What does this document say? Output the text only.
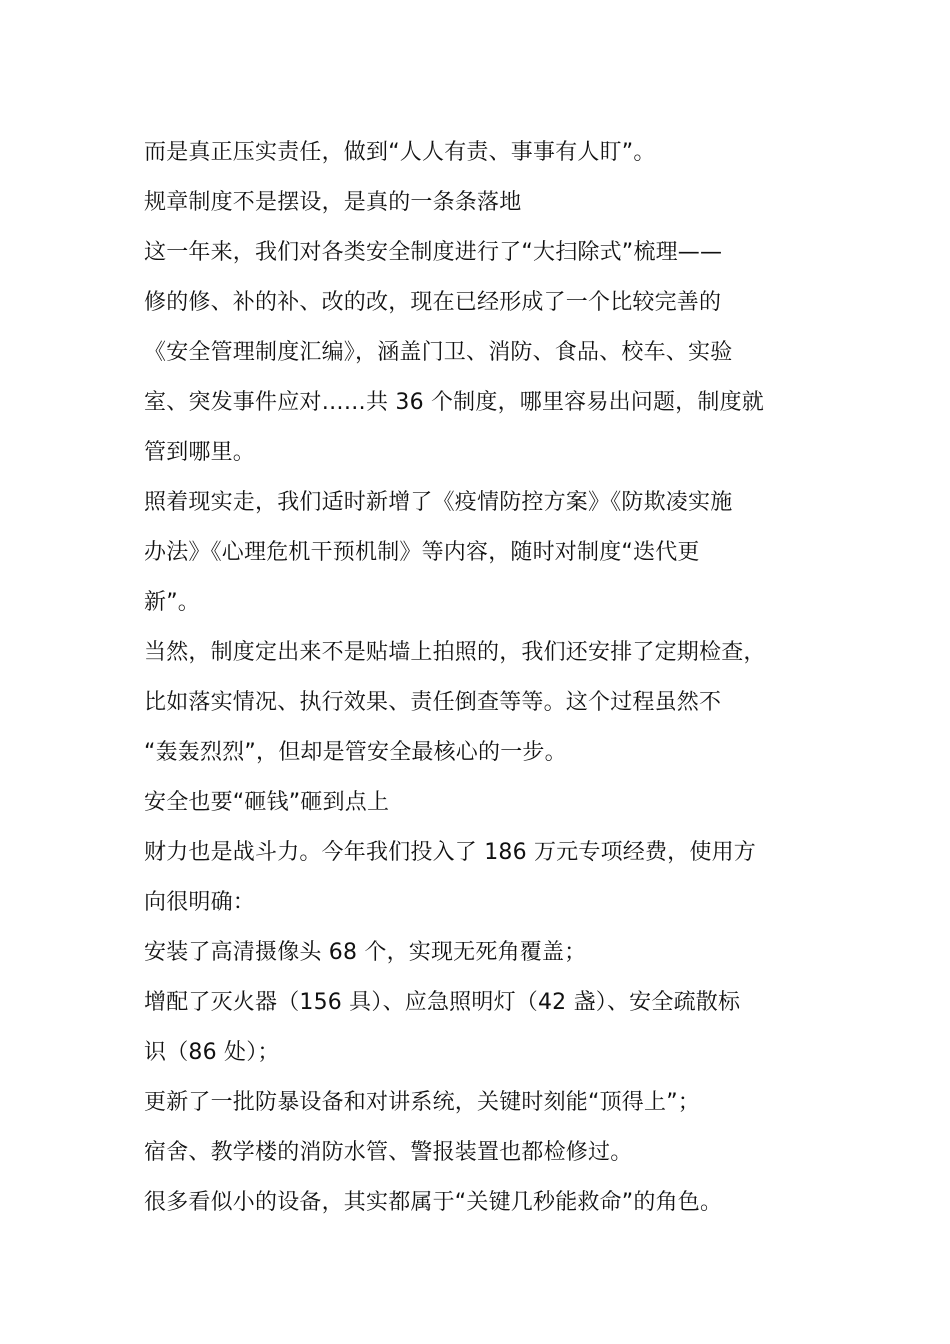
而是真正压实责任，做到“人人有责、事事有人盯”。
规章制度不是摆设，是真的一条条落地
这一年来，我们对各类安全制度进行了“大扫除式”梳理——
修的修、补的补、改的改，现在已经形成了一个比较完善的
《安全管理制度汇编》，涵盖门卫、消防、食品、校车、实验
室、突发事件应对……共 36 个制度，哪里容易出问题，制度就
管到哪里。
照着现实走，我们适时新增了《疫情防控方案》《防欺凌实施
办法》《心理危机干预机制》等内容，随时对制度“迭代更
新”。
当然，制度定出来不是贴墙上拍照的，我们还安排了定期检查，
比如落实情况、执行效果、责任倒查等等。这个过程虽然不
“轰轰烈烈”，但却是管安全最核心的一步。
安全也要“砸钱”砸到点上
财力也是战斗力。今年我们投入了 186 万元专项经费，使用方
向很明确：
安装了高清摄像头 68 个，实现无死角覆盖；
增配了灭火器（156 具）、应急照明灯（42 盏）、安全疏散标
识（86 处）；
更新了一批防暴设备和对讲系统，关键时刻能“顶得上”；
宿舍、教学楼的消防水管、警报装置也都检修过。
很多看似小的设备，其实都属于“关键几秒能救命”的角色。
